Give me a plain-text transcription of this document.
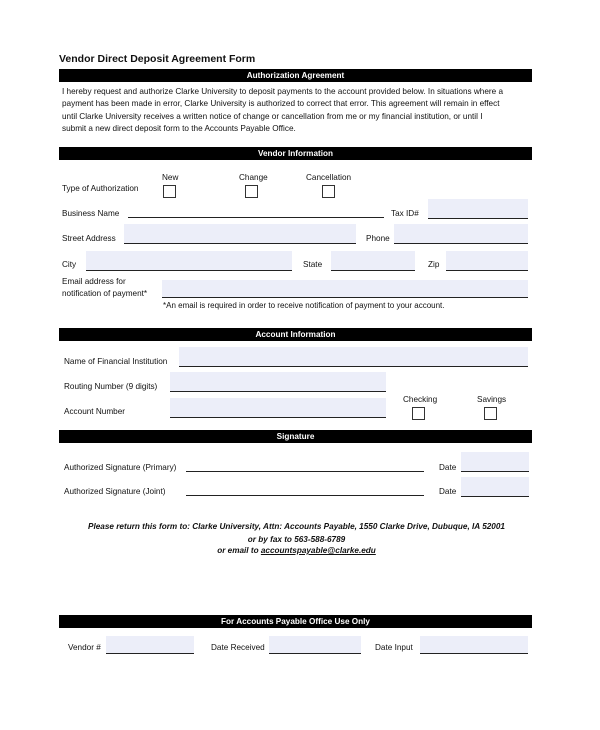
Vendor Direct Deposit Agreement Form
Authorization Agreement
I hereby request and authorize Clarke University to deposit payments to the account provided below. In situations where a
payment has been made in error, Clarke University is authorized to correct that error. This agreement will remain in effect
until Clarke University receives a written notice of change or cancellation from me or my financial institution, or until I
submit a new direct deposit form to the Accounts Payable Office.
Vendor Information
New	Change	Cancellation
Type of Authorization
Business Name	Tax ID#
Street Address	Phone
City	State	Zip
Email address for
notification of payment*
*An email is required in order to receive notification of payment to your account.
Account Information
Name of Financial Institution
Routing Number (9 digits)
Checking	Savings
Account Number
Signature
Authorized Signature (Primary)	Date
Authorized Signature (Joint)	Date
Please return this form to: Clarke University, Attn: Accounts Payable, 1550 Clarke Drive, Dubuque, IA 52001
or by fax to 563-588-6789
or email to accountspayable@clarke.edu
For Accounts Payable Office Use Only
Vendor #	Date Received	Date Input
